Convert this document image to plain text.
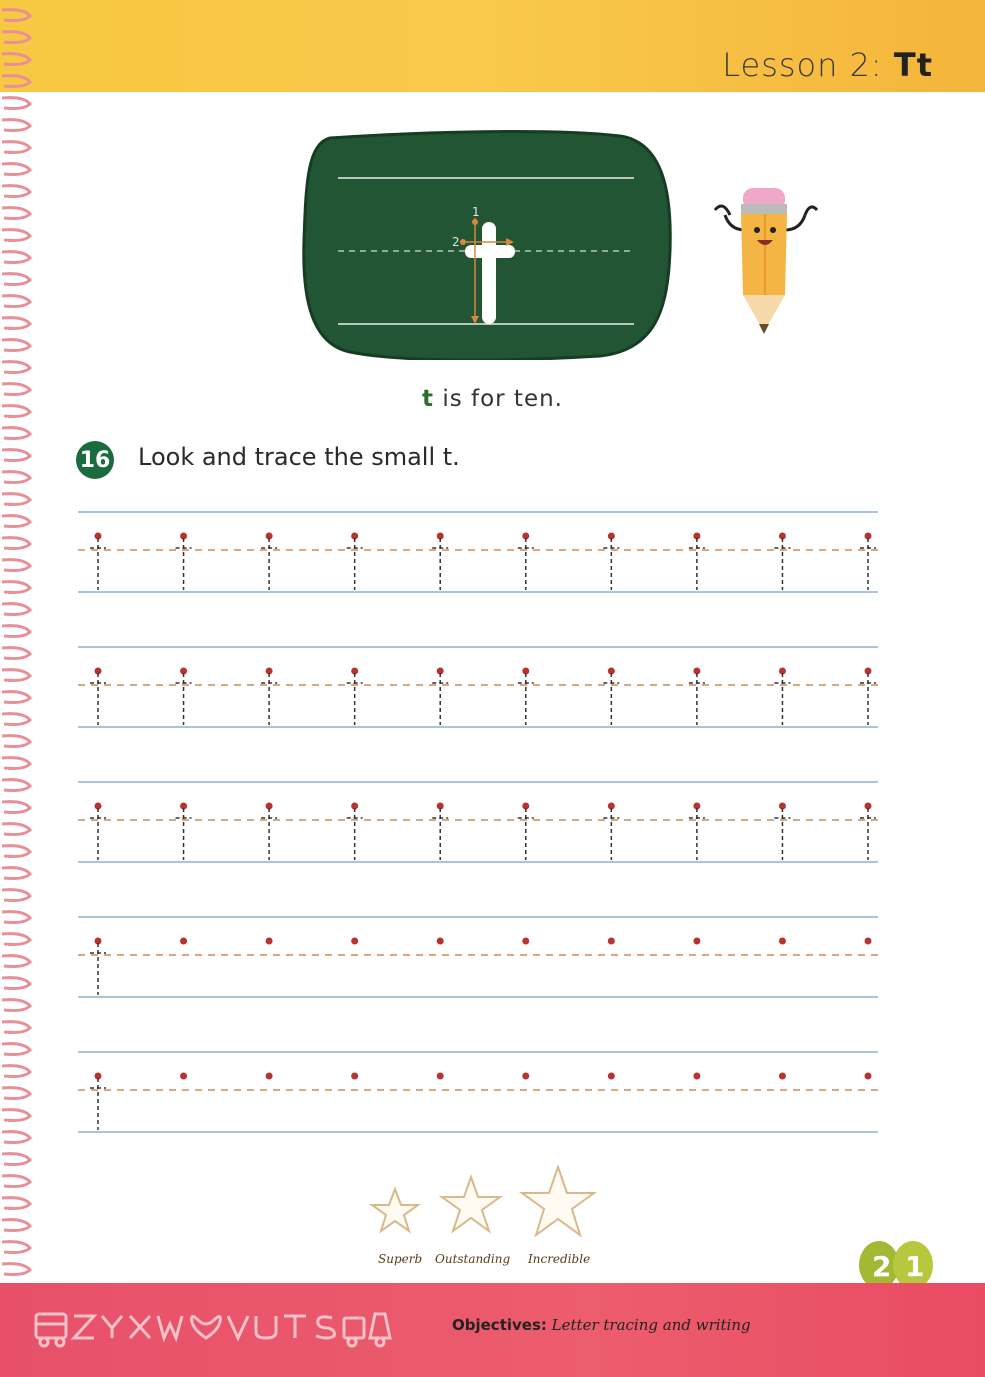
Lesson 2: Tt
1
2
t is for ten.
16 Look and trace the small t.
Superb Outstanding Incredible	2 1
Objectives: Letter tracing and writing
